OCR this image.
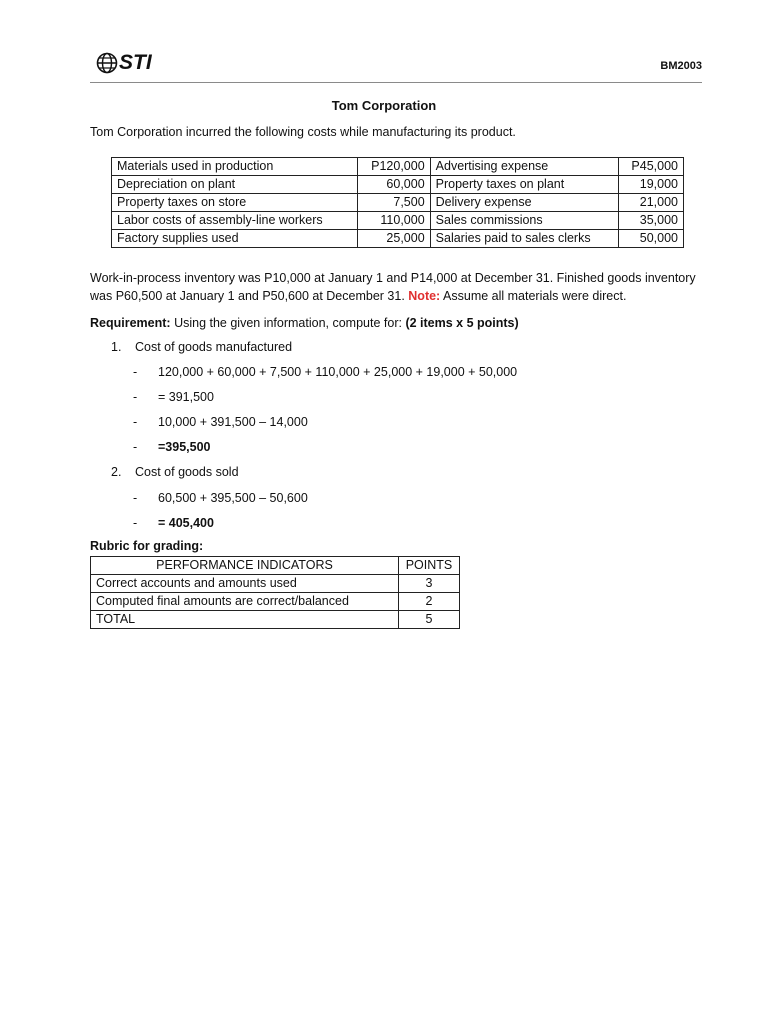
STI	BM2003
Tom Corporation
Tom Corporation incurred the following costs while manufacturing its product.
Materials used in production	P120,000	Advertising expense	P45,000
Depreciation on plant	60,000	Property taxes on plant	19,000
Property taxes on store	7,500	Delivery expense	21,000
Labor costs of assembly-line workers	110,000	Sales commissions	35,000
Factory supplies used	25,000	Salaries paid to sales clerks	50,000
Work-in-process inventory was P10,000 at January 1 and P14,000 at December 31. Finished goods inventory was P60,500 at January 1 and P50,600 at December 31. Note: Assume all materials were direct.
Requirement: Using the given information, compute for: (2 items x 5 points)
1. Cost of goods manufactured
- 120,000 + 60,000 + 7,500 + 110,000 + 25,000 + 19,000 + 50,000
- = 391,500
- 10,000 + 391,500 – 14,000
- =395,500
2. Cost of goods sold
- 60,500 + 395,500 – 50,600
- = 405,400
Rubric for grading:
PERFORMANCE INDICATORS	POINTS
Correct accounts and amounts used	3
Computed final amounts are correct/balanced	2
TOTAL	5
